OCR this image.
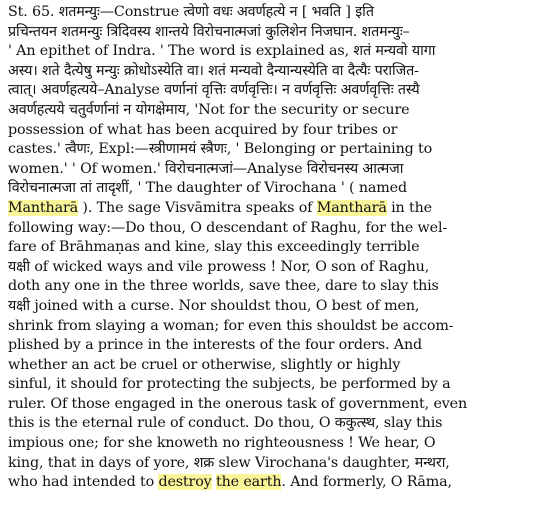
St. 65. शतमन्युः—Construe त्वेणो वधः अवर्णहत्ये न [ भवति ] इति
प्रचिन्तयन शतमन्युः त्रिदिवस्य शान्तये विरोचनात्मजां कुलिशेन निजघान. शतमन्युः–
' An epithet of Indra. ' The word is explained as, शतं मन्यवो यागा
अस्य। शते दैत्येषु मन्युः क्रोधोऽस्येति वा। शतं मन्यवो दैन्यान्यस्येति वा दैत्यैः पराजित-
त्वात्। अवर्णहत्यये–Analyse वर्णानां वृत्तिः वर्णवृत्तिः। न वर्णवृत्तिः अवर्णवृत्तिः तस्यै
अवर्णहत्यये चतुर्वर्णानां न योगक्षेमाय, 'Not for the security or secure
possession of what has been acquired by four tribes or
castes.' त्वैणः, Expl:—स्त्रीणामयं स्त्रैणः, ' Belonging or pertaining to
women.' ' Of women.' विरोचनात्मजां—Analyse विरोचनस्य आत्मजा
विरोचनात्मजा तां तादृशीं, ' The daughter of Virochana ' ( named
Mantharā ). The sage Visvāmitra speaks of Mantharā in the
following way:—Do thou, O descendant of Raghu, for the wel-
fare of Brāhmaṇas and kine, slay this exceedingly terrible
यक्षी of wicked ways and vile prowess ! Nor, O son of Raghu,
doth any one in the three worlds, save thee, dare to slay this
यक्षी joined with a curse. Nor shouldst thou, O best of men,
shrink from slaying a woman; for even this shouldst be accom-
plished by a prince in the interests of the four orders. And
whether an act be cruel or otherwise, slightly or highly
sinful, it should for protecting the subjects, be performed by a
ruler. Of those engaged in the onerous task of government, even
this is the eternal rule of conduct. Do thou, O ककुत्स्थ, slay this
impious one; for she knoweth no righteousness ! We hear, O
king, that in days of yore, शक्र slew Virochana's daughter, मन्थरा,
who had intended to destroy the earth. And formerly, O Rāma,
